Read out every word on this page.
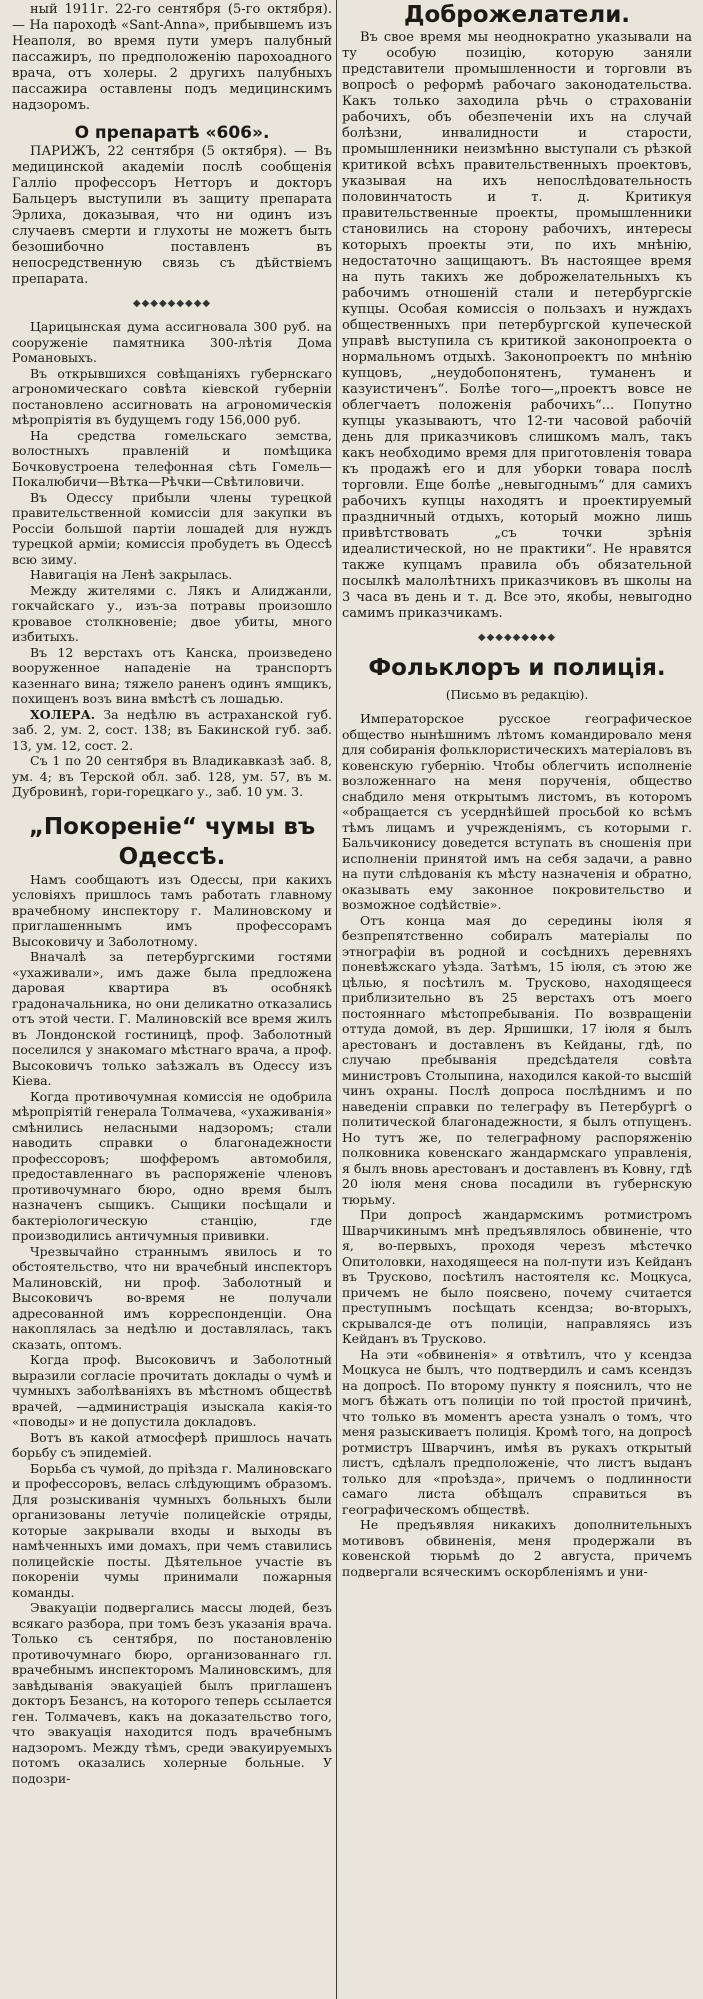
ный 1911г. 22-го сентября (5-го октября). — На пароходѣ «Sant-Anna», прибывшемъ изъ Неаполя, во время пути умеръ палубный пассажиръ, по предположенію парохоадного врача, отъ холеры. 2 другихъ палубныхъ пассажира оставлены подъ медицинскимъ надзоромъ.

О препаратѣ «606».

ПАРИЖЪ, 22 сентября (5 октября). — Въ медицинской академіи послѣ сообщенія Галліо профессоръ Нетторъ и докторъ Бальцеръ выступили въ защиту препарата Эрлиха, доказывая, что ни одинъ изъ случаевъ смерти и глухоты не можетъ быть безошибочно поставленъ въ непосредственную связь съ дѣйствіемъ препарата.

◆◆◆◆◆◆◆◆◆

Царицынская дума ассигновала 300 руб. на сооруженіе памятника 300-лѣтія Дома Романовыхъ.

Въ открывшихся совѣщаніяхъ губернскаго агрономическаго совѣта кіевской губерніи постановлено ассигновать на агрономическія мѣропріятія въ будущемъ году 156,000 руб.

На средства гомельскаго земства, волостныхъ правленій и помѣщика Бочковустроена телефонная сѣть Гомель—Покалюбичи—Вѣтка—Рѣчки—Свѣтиловичи.

Въ Одессу прибыли члены турецкой правительственной комиссіи для закупки въ Россіи большой партіи лошадей для нуждъ турецкой арміи; комиссія пробудетъ въ Одессѣ всю зиму.

Навигація на Ленѣ закрылась.

Между жителями с. Лякъ и Алиджанли, гокчайскаго у., изъ-за потравы произошло кровавое столкновеніе; двое убиты, много избитыхъ.

Въ 12 верстахъ отъ Канска, произведено вооруженное нападеніе на транспортъ казеннаго вина; тяжело раненъ одинъ ямщикъ, похищенъ возъ вина вмѣстѣ съ лошадью.

ХОЛЕРА. За недѣлю въ астраханской губ. заб. 2, ум. 2, сост. 138; въ Бакинской губ. заб. 13, ум. 12, сост. 2.

Съ 1 по 20 сентября въ Владикавказѣ заб. 8, ум. 4; въ Терской обл. заб. 128, ум. 57, въ м. Дубровинѣ, гори-горецкаго у., заб. 10 ум. 3.

„Покореніе“ чумы въ Одессѣ.

Намъ сообщаютъ изъ Одессы, при какихъ условіяхъ пришлось тамъ работать главному врачебному инспектору г. Малиновскому и приглашеннымъ имъ профессорамъ Высоковичу и Заболотному.

Вначалѣ за петербургскими гостями «ухаживали», имъ даже была предложена даровая квартира въ особнякѣ градоначальника, но они деликатно отказались отъ этой чести. Г. Малиновскій все время жилъ въ Лондонской гостиницѣ, проф. Заболотный поселился у знакомаго мѣстнаго врача, а проф. Высоковичъ только заѣзжалъ въ Одессу изъ Кіева.

Когда противочумная комиссія не одобрила мѣропріятій генерала Толмачева, «ухаживанія» смѣнились неласными надзоромъ; стали наводить справки о благонадежности профессоровъ; шофферомъ автомобиля, предоставленнаго въ распоряженіе членовъ противочумнаго бюро, одно время былъ назначенъ сыщикъ. Сыщики посѣщали и бактеріологическую станцію, где производились античумныя прививки.

Чрезвычайно страннымъ явилось и то обстоятельство, что ни врачебный инспекторъ Малиновскій, ни проф. Заболотный и Высоковичъ во-время не получали адресованной имъ корреспонденціи. Она накоплялась за недѣлю и доставлялась, такъ сказать, оптомъ.

Когда проф. Высоковичъ и Заболотный выразили согласіе прочитать доклады о чумѣ и чумныхъ заболѣваніяхъ въ мѣстномъ обществѣ врачей, —администрація изыскала какія-то «поводы» и не допустила докладовъ.

Вотъ въ какой атмосферѣ пришлось начать борьбу съ эпидеміей.

Борьба съ чумой, до пріѣзда г. Малиновскаго и профессоровъ, велась слѣдующимъ образомъ. Для розыскиванія чумныхъ больныхъ были организованы летучіе полицейскіе отряды, которые закрывали входы и выходы въ намѣченныхъ ими домахъ, при чемъ ставились полицейскіе посты. Дѣятельное участіе въ покореніи чумы принимали пожарныя команды.

Эвакуаціи подвергались массы людей, безъ всякаго разбора, при томъ безъ указанія врача. Только съ сентября, по постановленію противочумнаго бюро, организованнаго гл. врачебнымъ инспекторомъ Малиновскимъ, для завѣдыванія эвакуаціей былъ приглашенъ докторъ Безансъ, на которого теперь ссылается ген. Толмачевъ, какъ на доказательство того, что эвакуація находится подъ врачебнымъ надзоромъ. Между тѣмъ, среди эвакуируемыхъ потомъ оказались холерные больные. У подозри-

Доброжелатели.

Въ свое время мы неоднократно указывали на ту особую позицію, которую заняли представители промышленности и торговли въ вопросѣ о реформѣ рабочаго законодательства. Какъ только заходила рѣчь о страхованіи рабочихъ, объ обезпеченіи ихъ на случай болѣзни, инвалидности и старости, промышленники неизмѣнно выступали съ рѣзкой критикой всѣхъ правительственныхъ проектовъ, указывая на ихъ непослѣдовательность половинчатость и т. д. Критикуя правительственные проекты, промышленники становились на сторону рабочихъ, интересы которыхъ проекты эти, по ихъ мнѣнію, недостаточно защищаютъ. Въ настоящее время на путь такихъ же доброжелательныхъ къ рабочимъ отношеній стали и петербургскіе купцы. Особая комиссія о пользахъ и нуждахъ общественныхъ при петербургской купеческой управѣ выступила съ критикой законопроекта о нормальномъ отдыхѣ. Законопроектъ по мнѣнію купцовъ, „неудобопонятенъ, туманенъ и казуистиченъ“. Болѣе того—„проектъ вовсе не облегчаетъ положенія рабочихъ“... Попутно купцы указываютъ, что 12-ти часовой рабочій день для приказчиковъ слишкомъ малъ, такъ какъ необходимо время для приготовленія товара къ продажѣ его и для уборки товара послѣ торговли. Еще болѣе „невыгоднымъ“ для самихъ рабочихъ купцы находятъ и проектируемый праздничный отдыхъ, который можно лишь привѣтствовать „съ точки зрѣнія идеалистической, но не практики“. Не нравятся также купцамъ правила объ обязательной посылкѣ малолѣтнихъ приказчиковъ въ школы на 3 часа въ день и т. д. Все это, якобы, невыгодно самимъ приказчикамъ.

◆◆◆◆◆◆◆◆◆

Фольклоръ и полиція.

(Письмо въ редакцію).

Императорское русское географическое общество нынѣшнимъ лѣтомъ командировало меня для собиранія фольклористическихъ матеріаловъ въ ковенскую губернію. Чтобы облегчить исполненіе возложеннаго на меня порученія, общество снабдило меня открытымъ листомъ, въ которомъ «обращается съ усерднѣйшей просьбой ко всѣмъ тѣмъ лицамъ и учрежденіямъ, съ которыми г. Бальчиконису доведется вступать въ сношенія при исполненіи принятой имъ на себя задачи, а равно на пути слѣдованія къ мѣсту назначенія и обратно, оказывать ему законное покровительство и возможное содѣйствіе».

Отъ конца мая до середины іюля я безпрепятственно собиралъ матеріалы по этнографіи въ родной и сосѣднихъ деревняхъ поневѣжскаго уѣзда. Затѣмъ, 15 іюля, съ этою же цѣлью, я посѣтилъ м. Трусково, находящееся приблизительно въ 25 верстахъ отъ моего постояннаго мѣстопребыванія. По возвращеніи оттуда домой, въ дер. Яршишки, 17 іюля я былъ арестованъ и доставленъ въ Кейданы, гдѣ, по случаю пребыванія предсѣдателя совѣта министровъ Столыпина, находился какой-то высшій чинъ охраны. Послѣ допроса послѣднимъ и по наведеніи справки по телеграфу въ Петербургѣ о политической благонадежности, я былъ отпущенъ. Но тутъ же, по телеграфному распоряженію полковника ковенскаго жандармскаго управленія, я былъ вновь арестованъ и доставленъ въ Ковну, гдѣ 20 іюля меня снова посадили въ губернскую тюрьму.

При допросѣ жандармскимъ ротмистромъ Шварчикинымъ мнѣ предъявлялось обвиненіе, что я, во-первыхъ, проходя черезъ мѣстечко Опитоловки, находящееся на пол-пути изъ Кейданъ въ Трусково, посѣтилъ настоятеля кс. Моцкуса, причемъ не было поясвено, почему считается преступнымъ посѣщать ксендза; во-вторыхъ, скрывался-де отъ полиціи, направляясь изъ Кейданъ въ Трусково.

На эти «обвиненія» я отвѣтилъ, что у ксендза Моцкуса не былъ, что подтвердилъ и самъ ксендзъ на допросѣ. По второму пункту я пояснилъ, что не могъ бѣжать отъ полиціи по той простой причинѣ, что только въ моментъ ареста узналъ о томъ, что меня разыскиваетъ полиція. Кромѣ того, на допросѣ ротмистръ Шварчинъ, имѣя въ рукахъ открытый листъ, сдѣлалъ предположеніе, что листъ выданъ только для «проѣзда», причемъ о подлинности самаго листа обѣщалъ справиться въ географическомъ обществѣ.

Не предъявляя никакихъ дополнительныхъ мотивовъ обвиненія, меня продержали въ ковенской тюрьмѣ до 2 августа, причемъ подвергали всяческимъ оскорбленіямъ и уни-
